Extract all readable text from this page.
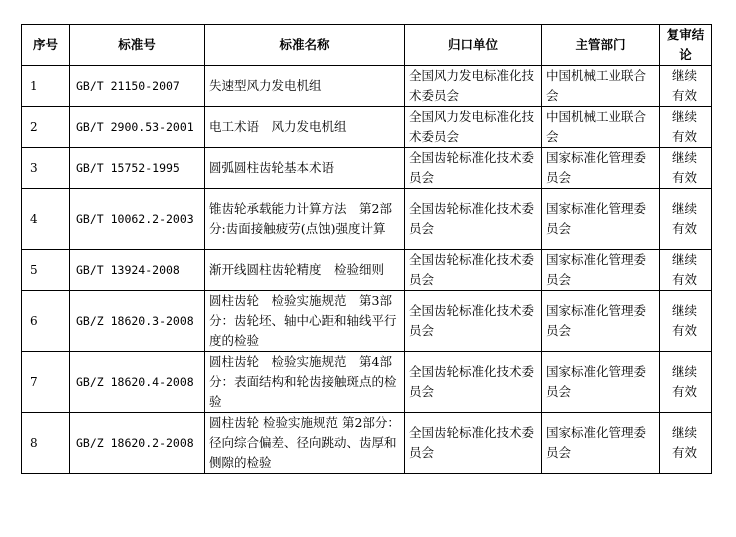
序号	标准号	标准名称	归口单位	主管部门	复审结论
1	GB/T 21150-2007	失速型风力发电机组	全国风力发电标准化技术委员会	中国机械工业联合会	继续有效
2	GB/T 2900.53-2001	电工术语　风力发电机组	全国风力发电标准化技术委员会	中国机械工业联合会	继续有效
3	GB/T 15752-1995	圆弧圆柱齿轮基本术语	全国齿轮标准化技术委员会	国家标准化管理委员会	继续有效
4	GB/T 10062.2-2003	锥齿轮承载能力计算方法　第2部分:齿面接触疲劳(点蚀)强度计算	全国齿轮标准化技术委员会	国家标准化管理委员会	继续有效
5	GB/T 13924-2008	渐开线圆柱齿轮精度　检验细则	全国齿轮标准化技术委员会	国家标准化管理委员会	继续有效
6	GB/Z 18620.3-2008	圆柱齿轮　检验实施规范　第3部分：齿轮坯、轴中心距和轴线平行度的检验	全国齿轮标准化技术委员会	国家标准化管理委员会	继续有效
7	GB/Z 18620.4-2008	圆柱齿轮　检验实施规范　第4部分：表面结构和轮齿接触斑点的检验	全国齿轮标准化技术委员会	国家标准化管理委员会	继续有效
8	GB/Z 18620.2-2008	圆柱齿轮 检验实施规范 第2部分：径向综合偏差、径向跳动、齿厚和侧隙的检验	全国齿轮标准化技术委员会	国家标准化管理委员会	继续有效
